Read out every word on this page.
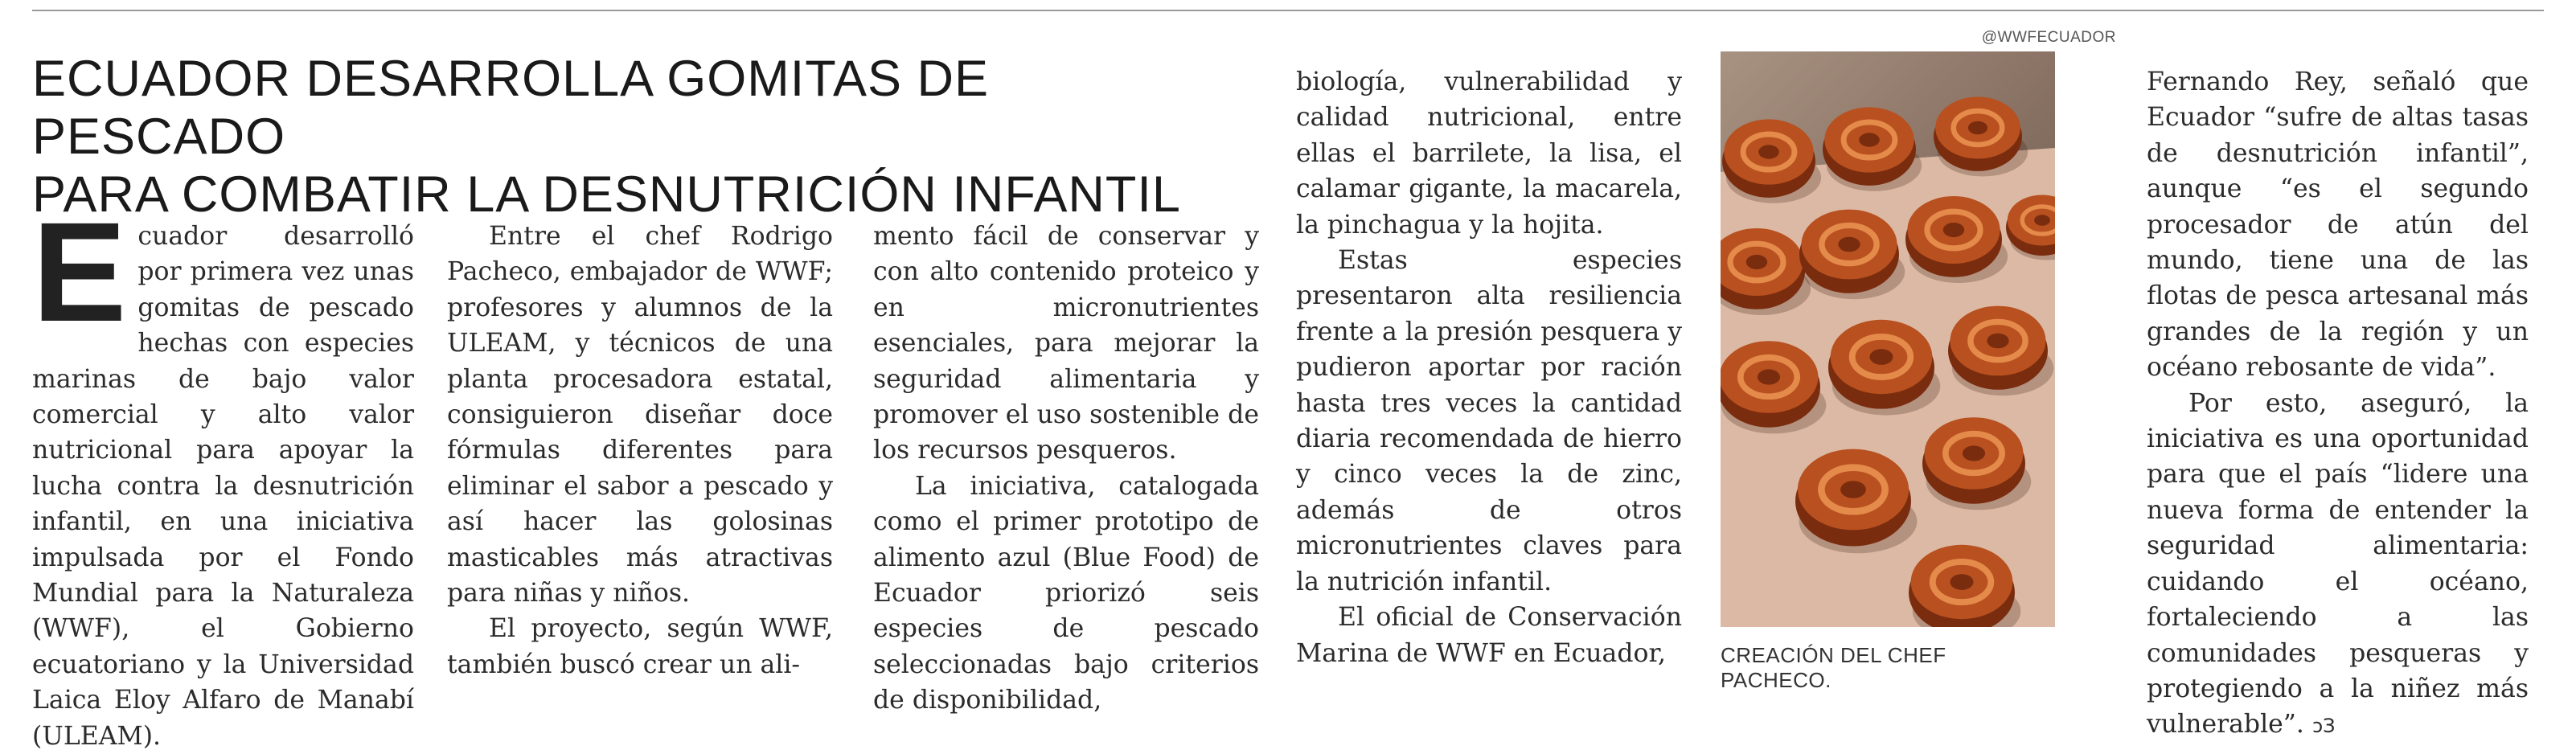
ECUADOR DESARROLLA GOMITAS DE PESCADO
PARA COMBATIR LA DESNUTRICIÓN INFANTIL

Ecuador desarrolló por primera vez unas gomitas de pescado hechas con especies marinas de bajo valor comercial y alto valor nutricional para apoyar la lucha contra la desnutrición infantil, en una iniciativa impulsada por el Fondo Mundial para la Naturaleza (WWF), el Gobierno ecuatoriano y la Universidad Laica Eloy Alfaro de Manabí (ULEAM).

Entre el chef Rodrigo Pacheco, embajador de WWF; profesores y alumnos de la ULEAM, y técnicos de una planta procesadora estatal, consiguieron diseñar doce fórmulas diferentes para eliminar el sabor a pescado y así hacer las golosinas masticables más atractivas para niñas y niños.

El proyecto, según WWF, también buscó crear un ali-

mento fácil de conservar y con alto contenido proteico y en micronutrientes esenciales, para mejorar la seguridad alimentaria y promover el uso sostenible de los recursos pesqueros.

La iniciativa, catalogada como el primer prototipo de alimento azul (Blue Food) de Ecuador priorizó seis especies de pescado seleccionadas bajo criterios de disponibilidad,

biología, vulnerabilidad y calidad nutricional, entre ellas el barrilete, la lisa, el calamar gigante, la macarela, la pinchagua y la hojita.

Estas especies presentaron alta resiliencia frente a la presión pesquera y pudieron aportar por ración hasta tres veces la cantidad diaria recomendada de hierro y cinco veces la de zinc, además de otros micronutrientes claves para la nutrición infantil.

El oficial de Conservación Marina de WWF en Ecuador,

Fernando Rey, señaló que Ecuador “sufre de altas tasas de desnutrición infantil”, aunque “es el segundo procesador de atún del mundo, tiene una de las flotas de pesca artesanal más grandes de la región y un océano rebosante de vida”.

Por esto, aseguró, la iniciativa es una oportunidad para que el país “lidere una nueva forma de entender la seguridad alimentaria: cuidando el océano, fortaleciendo a las comunidades pesqueras y protegiendo a la niñez más vulnerable”. ↄЗ

@WWFECUADOR
CREACIÓN DEL CHEF PACHECO.
